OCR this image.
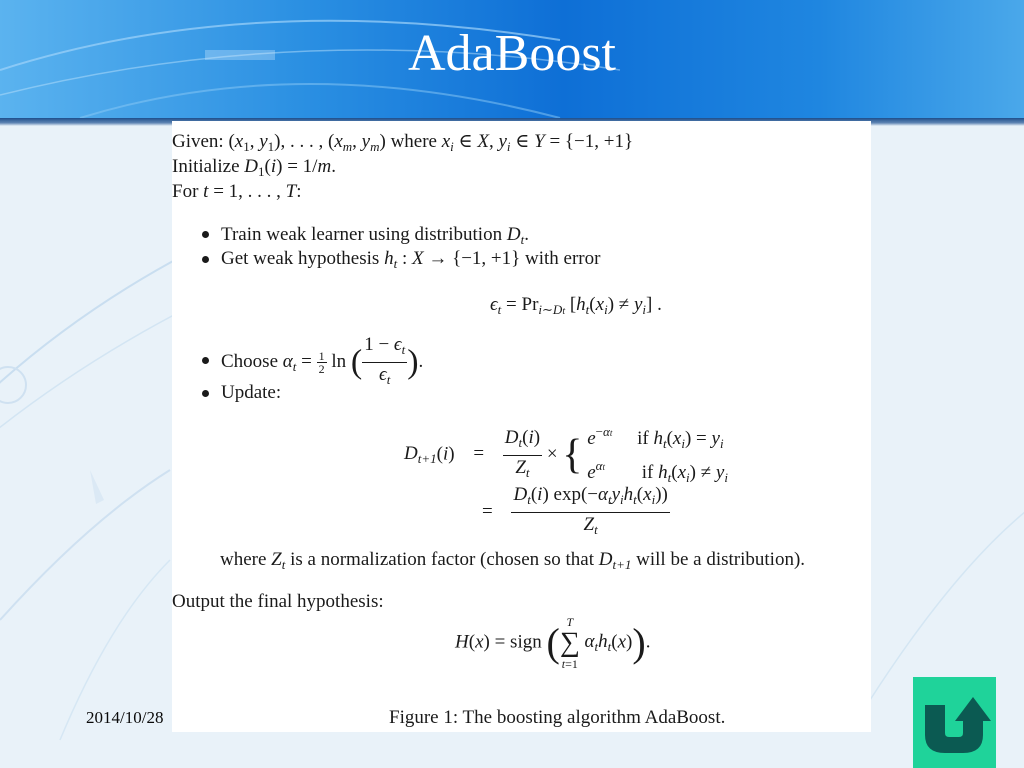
AdaBoost
Given: ($x_1$, $y_1$), . . . , ($x_m$, $y_m$) where $x_i$ ∈ X, $y_i$ ∈ Y = {−1, +1}
Initialize $D_1(i) = 1/m$.
For t = 1, . . . , T:
Train weak learner using distribution $D_t$.
Get weak hypothesis $h_t$ : X → {−1, +1} with error
$\epsilon_t = Pr_{i\sim Dt}$ $[h_t(x_i) \ne y_i]$ .
Choose $\alpha_t = \frac{1}{2}$ ln ( $\frac{1 - \epsilon_t}{\epsilon_t}$ ).
Update:
$D_{t+1}(i) = \frac{D_t(i)}{Z_t}$ × { $e^{-\alpha t}$ if $h_t(x_i) = y_i$
$e^{\alpha t}$ if $h_t(x_i) \ne y_i$
= $\frac{D_t(i) \exp(-\alpha_ty_ih_t(x_i))}{Z_t}$
where $Z_t$ is a normalization factor (chosen so that $D_{t+1}$ will be a distribution).
Output the final hypothesis:
H(x) = sign ( T
∑
t=1
$\alpha_th_t(x)$).
Figure 1: The boosting algorithm AdaBoost.
2014/10/28
